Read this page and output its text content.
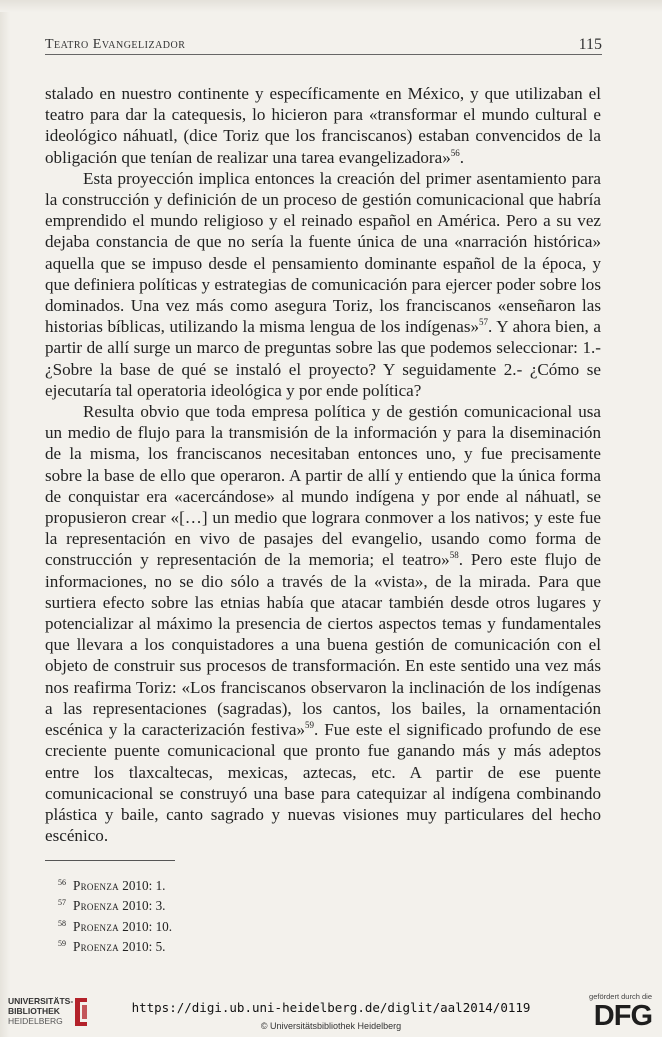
Teatro Evangelizador	115

stalado en nuestro continente y específicamente en México, y que utilizaban el teatro para dar la catequesis, lo hicieron para «transformar el mundo cultural e ideológico náhuatl, (dice Toriz que los franciscanos) estaban convencidos de la obligación que tenían de realizar una tarea evangelizadora»$^{56}$.

Esta proyección implica entonces la creación del primer asentamiento para la construcción y definición de un proceso de gestión comunicacional que habría emprendido el mundo religioso y el reinado español en América. Pero a su vez dejaba constancia de que no sería la fuente única de una «narración histórica» aquella que se impuso desde el pensamiento dominante español de la época, y que definiera políticas y estrategias de comunicación para ejercer poder sobre los dominados. Una vez más como asegura Toriz, los franciscanos «enseñaron las historias bíblicas, utilizando la misma lengua de los indígenas»$^{57}$. Y ahora bien, a partir de allí surge un marco de preguntas sobre las que podemos seleccionar: 1.- ¿Sobre la base de qué se instaló el proyecto? Y seguidamente 2.- ¿Cómo se ejecutaría tal operatoria ideológica y por ende política?

Resulta obvio que toda empresa política y de gestión comunicacional usa un medio de flujo para la transmisión de la información y para la diseminación de la misma, los franciscanos necesitaban entonces uno, y fue precisamente sobre la base de ello que operaron. A partir de allí y entiendo que la única forma de conquistar era «acercándose» al mundo indígena y por ende al náhuatl, se propusieron crear «[…] un medio que lograra conmover a los nativos; y este fue la representación en vivo de pasajes del evangelio, usando como forma de construcción y representación de la memoria; el teatro»$^{58}$. Pero este flujo de informaciones, no se dio sólo a través de la «vista», de la mirada. Para que surtiera efecto sobre las etnias había que atacar también desde otros lugares y potencializar al máximo la presencia de ciertos aspectos temas y fundamentales que llevara a los conquistadores a una buena gestión de comunicación con el objeto de construir sus procesos de transformación. En este sentido una vez más nos reafirma Toriz: «Los franciscanos observaron la inclinación de los indígenas a las representaciones (sagradas), los cantos, los bailes, la ornamentación escénica y la caracterización festiva»$^{59}$. Fue este el significado profundo de ese creciente puente comunicacional que pronto fue ganando más y más adeptos entre los tlaxcaltecas, mexicas, aztecas, etc. A partir de ese puente comunicacional se construyó una base para catequizar al indígena combinando plástica y baile, canto sagrado y nuevas visiones muy particulares del hecho escénico.

$^{56}$ Proenza 2010: 1.
$^{57}$ Proenza 2010: 3.
$^{58}$ Proenza 2010: 10.
$^{59}$ Proenza 2010: 5.
UNIVERSITÄTS-
BIBLIOTHEK
HEIDELBERG
https://digi.ub.uni-heidelberg.de/diglit/aal2014/0119
© Universitätsbibliothek Heidelberg
gefördert durch die
DFG
